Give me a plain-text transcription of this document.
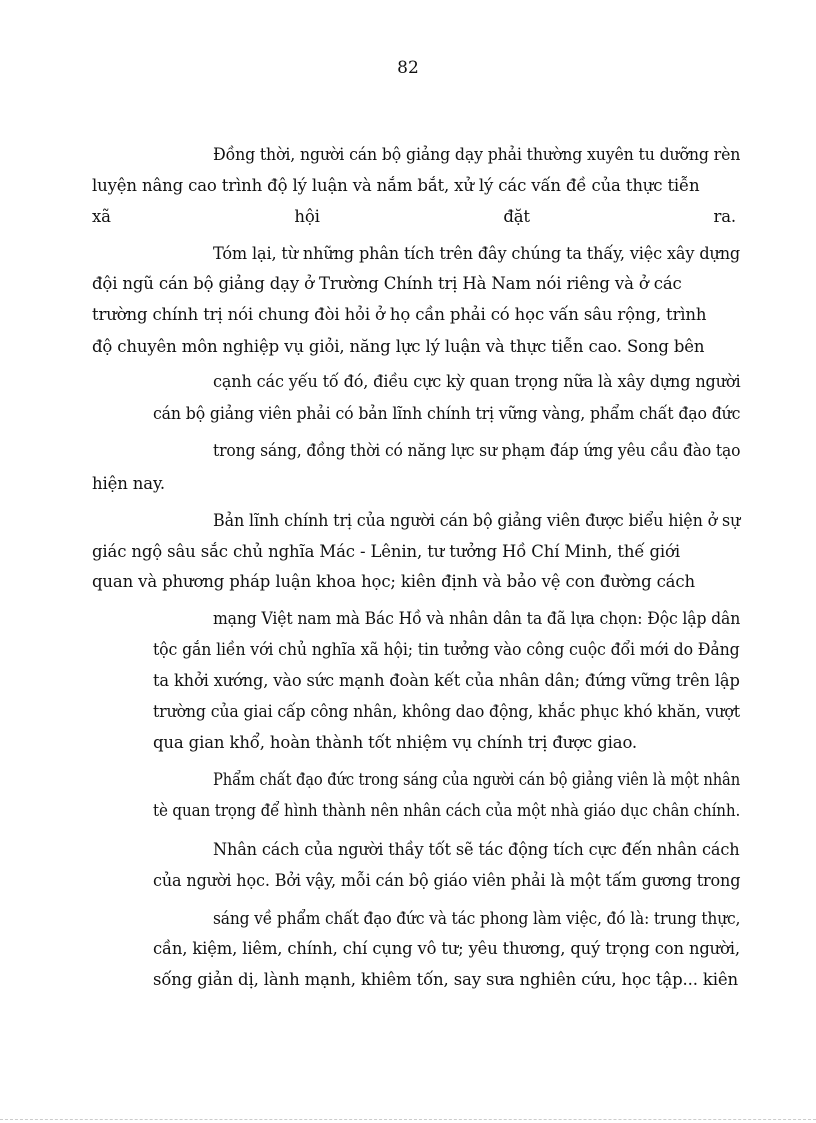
82
Đồng thời, người cán bộ giảng dạy phải thường xuyên tu dưỡng rèn
luyện nâng cao trình độ lý luận và nắm bắt, xử lý các vấn đề của thực tiễn
xã	hội	đặt	ra.
Tóm lại, từ những phân tích trên đây chúng ta thấy, việc xây dựng
đội ngũ cán bộ giảng dạy ở Trường Chính trị Hà Nam nói riêng và ở các
trường chính trị nói chung đòi hỏi ở họ cần phải có học vấn sâu rộng, trình
độ chuyên môn nghiệp vụ giỏi, năng lực lý luận và thực tiễn cao. Song bên
cạnh các yếu tố đó, điều cực kỳ quan trọng nữa là xây dựng người
cán bộ giảng viên phải có bản lĩnh chính trị vững vàng, phẩm chất đạo đức
trong sáng, đồng thời có năng lực sư phạm đáp ứng yêu cầu đào tạo
hiện nay.
Bản lĩnh chính trị của người cán bộ giảng viên được biểu hiện ở sự
giác ngộ sâu sắc chủ nghĩa Mác - Lênin, tư tưởng Hồ Chí Minh, thế giới
quan và phương pháp luận khoa học; kiên định và bảo vệ con đường cách
mạng Việt nam mà Bác Hồ và nhân dân ta đã lựa chọn: Độc lập dân
tộc gắn liền với chủ nghĩa xã hội; tin tưởng vào công cuộc đổi mới do Đảng
ta khởi xướng, vào sức mạnh đoàn kết của nhân dân; đứng vững trên lập
trường của giai cấp công nhân, không dao động, khắc phục khó khăn, vượt
qua gian khổ, hoàn thành tốt nhiệm vụ chính trị được giao.
Phẩm chất đạo đức trong sáng của người cán bộ giảng viên là một nhân
tè quan trọng để hình thành nên nhân cách của một nhà giáo dục chân chính.
Nhân cách của người thầy tốt sẽ tác động tích cực đến nhân cách
của người học. Bởi vậy, mỗi cán bộ giáo viên phải là một tấm gương trong
sáng về phẩm chất đạo đức và tác phong làm việc, đó là: trung thực,
cần, kiệm, liêm, chính, chí cụng vô tư; yêu thương, quý trọng con người,
sống giản dị, lành mạnh, khiêm tốn, say sưa nghiên cứu, học tập... kiên
